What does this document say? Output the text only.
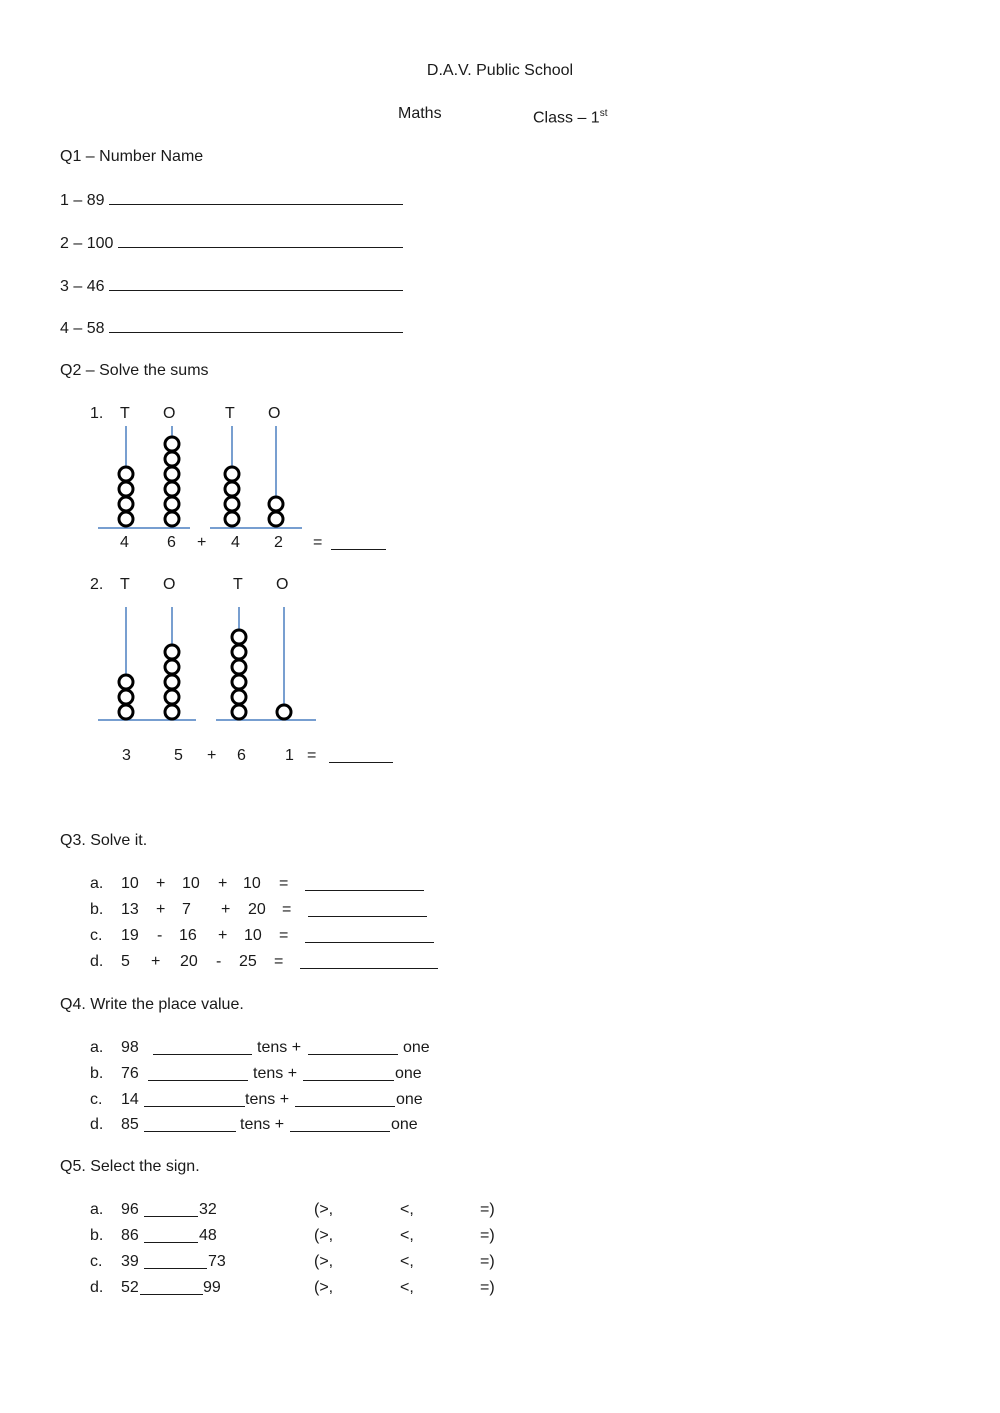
D.A.V. Public School
Maths	Class – 1st
Q1 – Number Name
1 – 89
2 – 100
3 – 46
4 – 58
Q2 – Solve the sums
1. T O	T O
4 6 + 4 2 =
2. T O	T O
3	5 + 6 1 =
Q3. Solve it.
a. 10 + 10 + 10 =
b. 13 + 7 + 20 =
c. 19 - 16 + 10 =
d. 5 + 20 - 25 =
Q4. Write the place value.
a. 98	tens +	one
b. 76	tens +	one
c. 14	tens +	one
d. 85	tens +	one
Q5. Select the sign.
a. 96	32	(>,	<,	=)
b. 86	48	(>,	<,	=)
c. 39	73	(>,	<,	=)
d. 52	99	(>,	<,	=)
